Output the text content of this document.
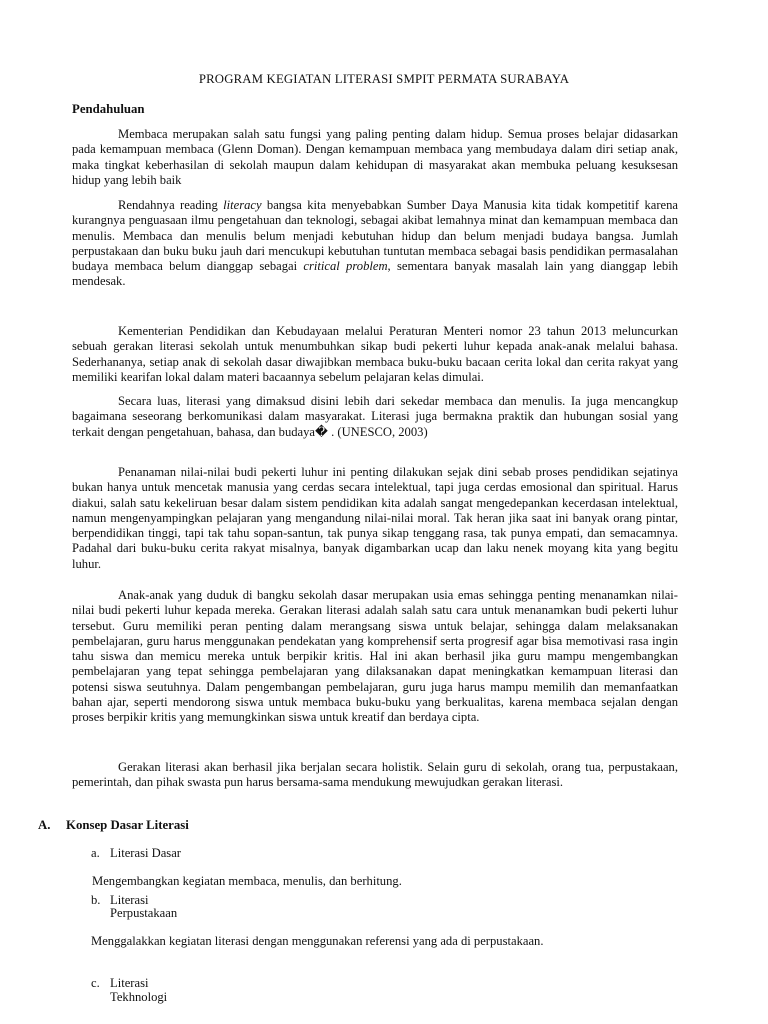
PROGRAM KEGIATAN LITERASI SMPIT PERMATA SURABAYA
Pendahuluan

Membaca merupakan salah satu fungsi yang paling penting dalam hidup. Semua proses belajar didasarkan pada kemampuan membaca (Glenn Doman). Dengan kemampuan membaca yang membudaya dalam diri setiap anak, maka tingkat keberhasilan di sekolah maupun dalam kehidupan di masyarakat akan membuka peluang kesuksesan hidup yang lebih baik

Rendahnya reading literacy bangsa kita menyebabkan Sumber Daya Manusia kita tidak kompetitif karena kurangnya penguasaan ilmu pengetahuan dan teknologi, sebagai akibat lemahnya minat dan kemampuan membaca dan menulis. Membaca dan menulis belum menjadi kebutuhan hidup dan belum menjadi budaya bangsa. Jumlah perpustakaan dan buku buku jauh dari mencukupi kebutuhan tuntutan membaca sebagai basis pendidikan permasalahan budaya membaca belum dianggap sebagai critical problem, sementara banyak masalah lain yang dianggap lebih mendesak.

Kementerian Pendidikan dan Kebudayaan melalui Peraturan Menteri nomor 23 tahun 2013 meluncurkan sebuah gerakan literasi sekolah untuk menumbuhkan sikap budi pekerti luhur kepada anak-anak melalui bahasa. Sederhananya, setiap anak di sekolah dasar diwajibkan membaca buku-buku bacaan cerita lokal dan cerita rakyat yang memiliki kearifan lokal dalam materi bacaannya sebelum pelajaran kelas dimulai.

Secara luas, literasi yang dimaksud disini lebih dari sekedar membaca dan menulis. Ia juga mencangkup bagaimana seseorang berkomunikasi dalam masyarakat. Literasi juga bermakna praktik dan hubungan sosial yang terkait dengan pengetahuan, bahasa, dan budaya� . (UNESCO, 2003)

Penanaman nilai-nilai budi pekerti luhur ini penting dilakukan sejak dini sebab proses pendidikan sejatinya bukan hanya untuk mencetak manusia yang cerdas secara intelektual, tapi juga cerdas emosional dan spiritual. Harus diakui, salah satu kekeliruan besar dalam sistem pendidikan kita adalah sangat mengedepankan kecerdasan intelektual, namun mengenyampingkan pelajaran yang mengandung nilai-nilai moral. Tak heran jika saat ini banyak orang pintar, berpendidikan tinggi, tapi tak tahu sopan-santun, tak punya sikap tenggang rasa, tak punya empati, dan semacamnya. Padahal dari buku-buku cerita rakyat misalnya, banyak digambarkan ucap dan laku nenek moyang kita yang begitu luhur.

Anak-anak yang duduk di bangku sekolah dasar merupakan usia emas sehingga penting menanamkan nilai-nilai budi pekerti luhur kepada mereka. Gerakan literasi adalah salah satu cara untuk menanamkan budi pekerti luhur tersebut. Guru memiliki peran penting dalam merangsang siswa untuk belajar, sehingga dalam melaksanakan pembelajaran, guru harus menggunakan pendekatan yang komprehensif serta progresif agar bisa memotivasi rasa ingin tahu siswa dan memicu mereka untuk berpikir kritis. Hal ini akan berhasil jika guru mampu mengembangkan pembelajaran yang tepat sehingga pembelajaran yang dilaksanakan dapat meningkatkan kemampuan literasi dan potensi siswa seutuhnya. Dalam pengembangan pembelajaran, guru juga harus mampu memilih dan memanfaatkan bahan ajar, seperti mendorong siswa untuk membaca buku-buku yang berkualitas, karena membaca sejalan dengan proses berpikir kritis yang memungkinkan siswa untuk kreatif dan berdaya cipta.

Gerakan literasi akan berhasil jika berjalan secara holistik. Selain guru di sekolah, orang tua, perpustakaan, pemerintah, dan pihak swasta pun harus bersama-sama mendukung mewujudkan gerakan literasi.

A. Konsep Dasar Literasi
a. Literasi Dasar
Mengembangkan kegiatan membaca, menulis, dan berhitung.
b. Literasi
Perpustakaan

Menggalakkan kegiatan literasi dengan menggunakan referensi yang ada di perpustakaan.

c. Literasi
Tekhnologi
